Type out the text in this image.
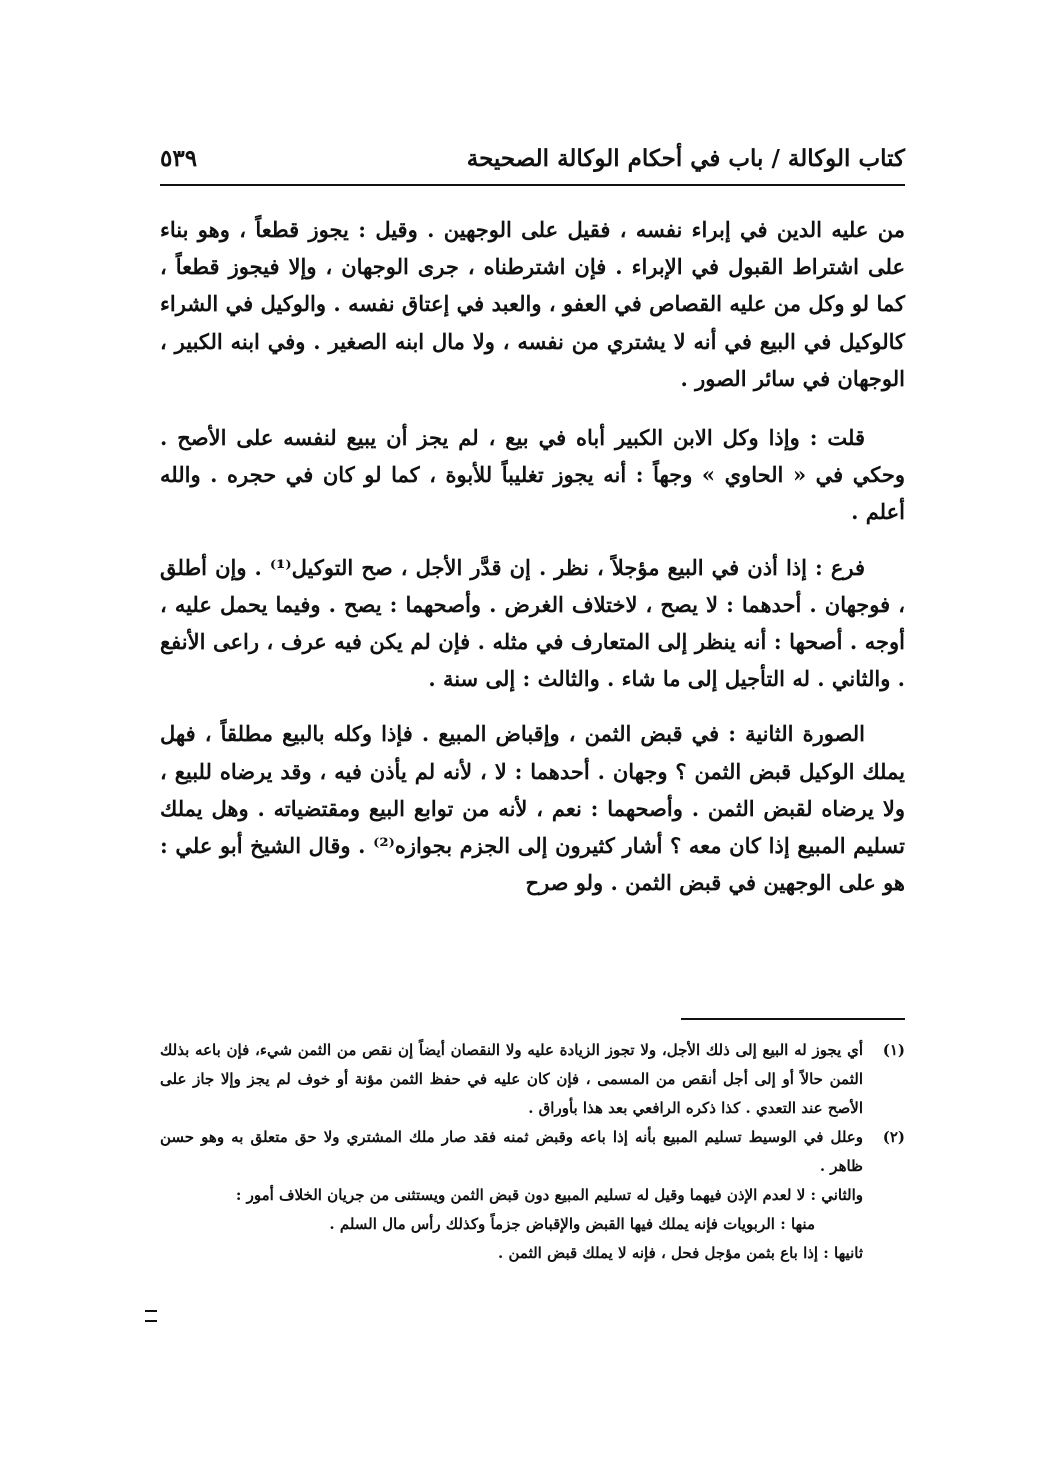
كتاب الوكالة / باب في أحكام الوكالة الصحيحة
٥٣٩

من عليه الدين في إبراء نفسه ، فقيل على الوجهين . وقيل : يجوز قطعاً ، وهو بناء على اشتراط القبول في الإبراء . فإن اشترطناه ، جرى الوجهان ، وإلا فيجوز قطعاً ، كما لو وكل من عليه القصاص في العفو ، والعبد في إعتاق نفسه . والوكيل في الشراء كالوكيل في البيع في أنه لا يشتري من نفسه ، ولا مال ابنه الصغير . وفي ابنه الكبير ، الوجهان في سائر الصور .

قلت : وإذا وكل الابن الكبير أباه في بيع ، لم يجز أن يبيع لنفسه على الأصح . وحكي في « الحاوي » وجهاً : أنه يجوز تغليباً للأبوة ، كما لو كان في حجره . والله أعلم .

فرع : إذا أذن في البيع مؤجلاً ، نظر . إن قدَّر الأجل ، صح التوكيل⁽¹⁾ . وإن أطلق ، فوجهان . أحدهما : لا يصح ، لاختلاف الغرض . وأصحهما : يصح . وفيما يحمل عليه ، أوجه . أصحها : أنه ينظر إلى المتعارف في مثله . فإن لم يكن فيه عرف ، راعى الأنفع . والثاني . له التأجيل إلى ما شاء . والثالث : إلى سنة .

الصورة الثانية : في قبض الثمن ، وإقباض المبيع . فإذا وكله بالبيع مطلقاً ، فهل يملك الوكيل قبض الثمن ؟ وجهان . أحدهما : لا ، لأنه لم يأذن فيه ، وقد يرضاه للبيع ، ولا يرضاه لقبض الثمن . وأصحهما : نعم ، لأنه من توابع البيع ومقتضياته . وهل يملك تسليم المبيع إذا كان معه ؟ أشار كثيرون إلى الجزم بجوازه⁽²⁾ . وقال الشيخ أبو علي : هو على الوجهين في قبض الثمن . ولو صرح

(١)
أي يجوز له البيع إلى ذلك الأجل، ولا تجوز الزيادة عليه ولا النقصان أيضاً إن نقص من الثمن شيء، فإن باعه بذلك الثمن حالاً أو إلى أجل أنقص من المسمى ، فإن كان عليه في حفظ الثمن مؤنة أو خوف لم يجز وإلا جاز على الأصح عند التعدي . كذا ذكره الرافعي بعد هذا بأوراق .
(٢)
وعلل في الوسيط تسليم المبيع بأنه إذا باعه وقبض ثمنه فقد صار ملك المشتري ولا حق متعلق به وهو حسن ظاهر .

والثاني : لا لعدم الإذن فيهما وقيل له تسليم المبيع دون قبض الثمن ويستثنى من جريان الخلاف أمور :

منها : الربويات فإنه يملك فيها القبض والإقباض جزماً وكذلك رأس مال السلم .

ثانيها : إذا باع بثمن مؤجل فحل ، فإنه لا يملك قبض الثمن .
